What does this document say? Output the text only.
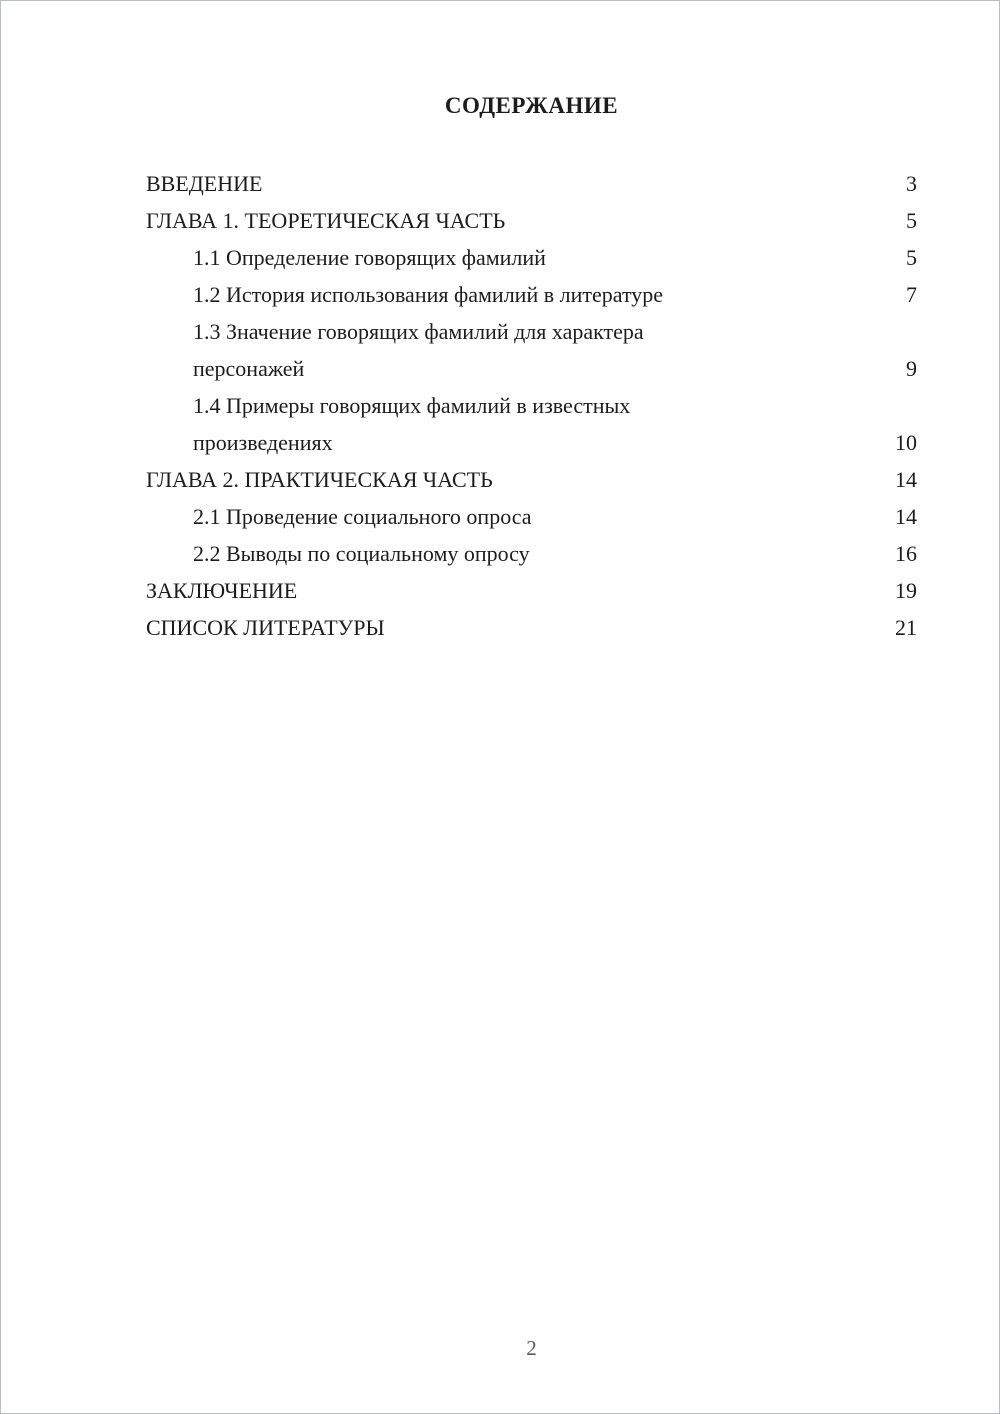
СОДЕРЖАНИЕ
ВВЕДЕНИЕ	3
ГЛАВА 1. ТЕОРЕТИЧЕСКАЯ ЧАСТЬ	5
1.1 Определение говорящих фамилий	5
1.2 История использования фамилий в литературе	7
1.3 Значение говорящих фамилий для характера персонажей	9
1.4 Примеры говорящих фамилий в известных произведениях	10
ГЛАВА 2. ПРАКТИЧЕСКАЯ ЧАСТЬ	14
2.1 Проведение социального опроса	14
2.2 Выводы по социальному опросу	16
ЗАКЛЮЧЕНИЕ	19
СПИСОК ЛИТЕРАТУРЫ	21
2
